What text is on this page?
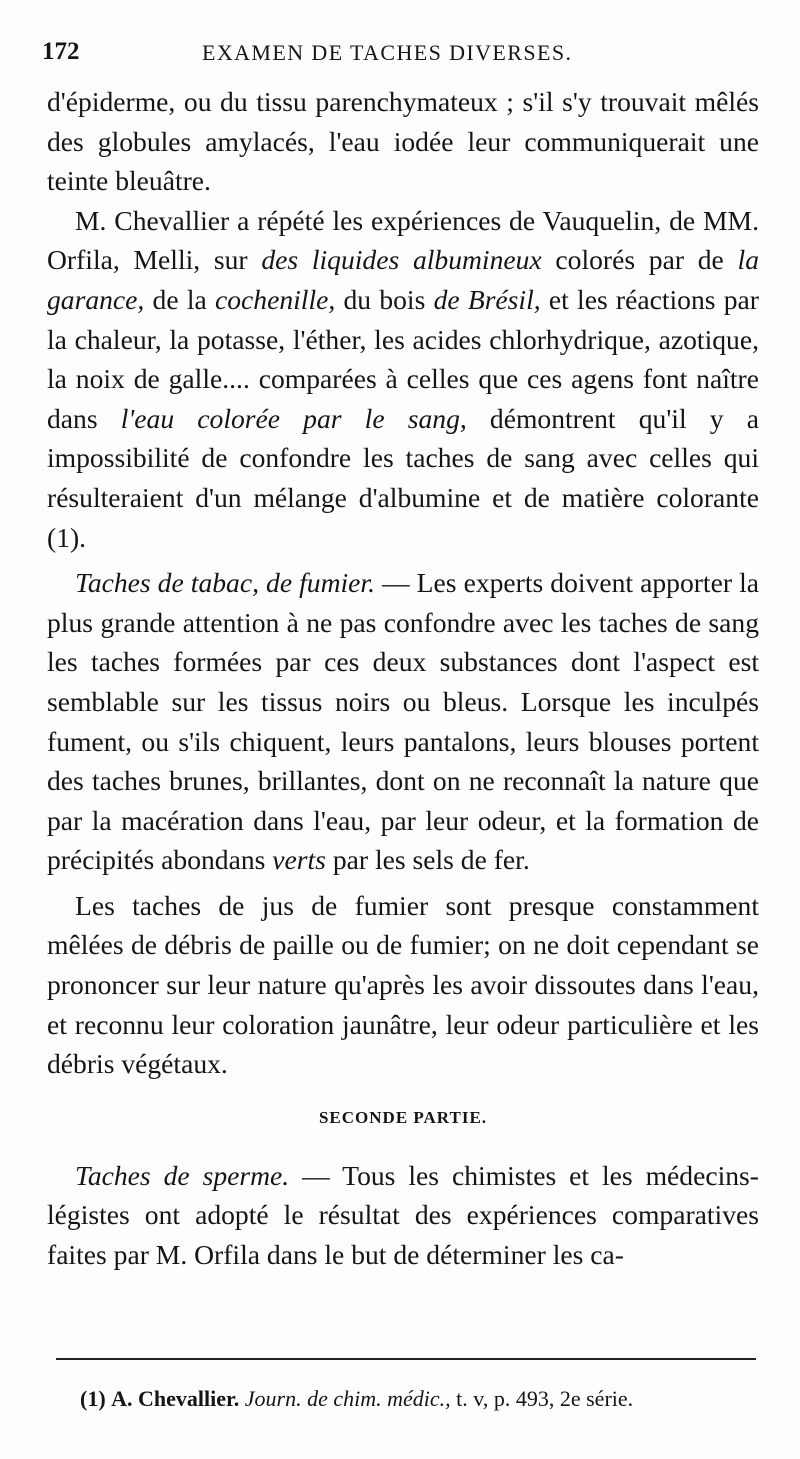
172	EXAMEN DE TACHES DIVERSES.

d'épiderme, ou du tissu parenchymateux ; s'il s'y trouvait mêlés des globules amylacés, l'eau iodée leur communiquerait une teinte bleuâtre.

M. Chevallier a répété les expériences de Vauquelin, de MM. Orfila, Melli, sur des liquides albumineux colorés par de la garance, de la cochenille, du bois de Brésil, et les réactions par la chaleur, la potasse, l'éther, les acides chlorhydrique, azotique, la noix de galle.... comparées à celles que ces agens font naître dans l'eau colorée par le sang, démontrent qu'il y a impossibilité de confondre les taches de sang avec celles qui résulteraient d'un mélange d'albumine et de matière colorante (1).

Taches de tabac, de fumier. — Les experts doivent apporter la plus grande attention à ne pas confondre avec les taches de sang les taches formées par ces deux substances dont l'aspect est semblable sur les tissus noirs ou bleus. Lorsque les inculpés fument, ou s'ils chiquent, leurs pantalons, leurs blouses portent des taches brunes, brillantes, dont on ne reconnaît la nature que par la macération dans l'eau, par leur odeur, et la formation de précipités abondans verts par les sels de fer.

Les taches de jus de fumier sont presque constamment mêlées de débris de paille ou de fumier; on ne doit cependant se prononcer sur leur nature qu'après les avoir dissoutes dans l'eau, et reconnu leur coloration jaunâtre, leur odeur particulière et les débris végétaux.

SECONDE PARTIE.

Taches de sperme. — Tous les chimistes et les médecins-légistes ont adopté le résultat des expériences comparatives faites par M. Orfila dans le but de déterminer les ca-

(1) A. Chevallier. Journ. de chim. médic., t. v, p. 493, 2e série.
